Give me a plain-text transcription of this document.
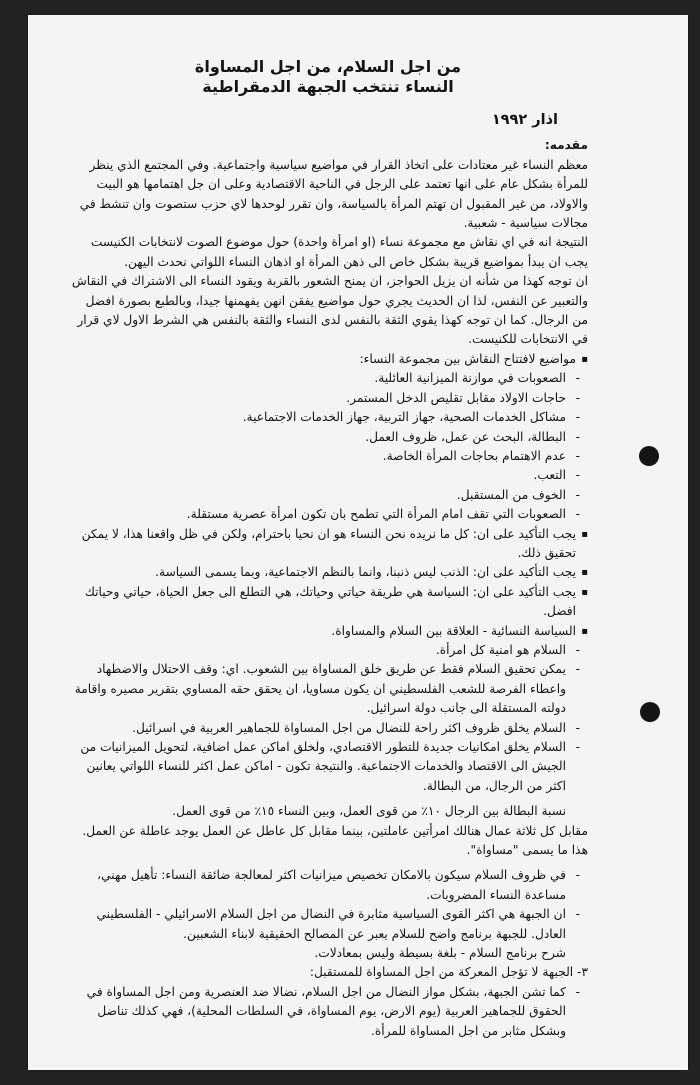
من اجل السلام، من اجل المساواة
النساء تنتخب الجبهة الدمقراطية
اذار ١٩٩٢
مقدمه:

معظم النساء غير معتادات على اتخاذ القرار في مواضيع سياسية واجتماعية. وفي المجتمع الذي ينظر للمرأة بشكل عام على انها تعتمد على الرجل في الناحية الاقتصادية وعلى ان جل اهتمامها هو البيت والاولاد، من غير المقبول ان تهتم المرأة بالسياسة، وان تقرر لوحدها لاي حزب ستصوت وان تنشط في مجالات سياسية - شعبية.

النتيجة انه في اي نقاش مع مجموعة نساء (او امرأة واحدة) حول موضوع الصوت لانتخابات الكنيست يجب ان يبدأ بمواضيع قريبة بشكل خاص الى ذهن المرأة او اذهان النساء اللواتي نحدث اليهن.

ان توجه كهذا من شأنه ان يزيل الحواجز، ان يمنح الشعور بالقربة ويقود النساء الى الاشتراك في النقاش والتعبير عن النفس، لذا ان الحديث يجري حول مواضيع يفقن انهن يفهمنها جيدا، وبالطبع بصورة افضل من الرجال. كما ان توجه كهذا يقوي الثقة بالنفس لدى النساء والثقة بالنفس هي الشرط الاول لاي قرار في الانتخابات للكنيست.

▪ مواضيع لافتتاح النقاش بين مجموعة النساء:
- الصعوبات في موازنة الميزانية العائلية.
- حاجات الاولاد مقابل تقليص الدخل المستمر.
- مشاكل الخدمات الصحية، جهاز التربية، جهاز الخدمات الاجتماعية.
- البطالة، البحث عن عمل، ظروف العمل.
- عدم الاهتمام بحاجات المرأة الخاصة.
- التعب.
- الخوف من المستقبل.
- الصعوبات التي تقف امام المرأة التي تطمح بان تكون امرأة عصرية مستقلة.
▪ يجب التأكيد على ان: كل ما نريده نحن النساء هو ان نحيا باحترام، ولكن في ظل واقعنا هذا، لا يمكن تحقيق ذلك.
▪ يجب التأكيد على ان: الذنب ليس ذنبنا، وانما بالنظم الاجتماعية، وبما يسمى السياسة.
▪ يجب التأكيد على ان: السياسة هي طريقة حياتي وحياتك، هي التطلع الى جعل الحياة، حياتي وحياتك افضل.
▪ السياسة النسائية - العلاقة بين السلام والمساواة.
- السلام هو امنية كل امرأة.
- يمكن تحقيق السلام فقط عن طريق خلق المساواة بين الشعوب. اي: وقف الاحتلال والاضطهاد واعطاء الفرصة للشعب الفلسطيني ان يكون مساويا، ان يحقق حقه المساوي بتقرير مصيره واقامة دولته المستقلة الى جانب دولة اسرائيل.
- السلام يخلق ظروف اكثر راحة للنضال من اجل المساواة للجماهير العربية في اسرائيل.
- السلام يخلق امكانيات جديدة للتطور الاقتصادي، ولخلق اماكن عمل اضافية، لتحويل الميزانيات من الجيش الى الاقتصاد والخدمات الاجتماعية. والنتيجة تكون - اماكن عمل اكثر للنساء اللواتي يعانين اكثر من الرجال، من البطالة.

نسبة البطالة بين الرجال ١٠٪ من قوى العمل، وبين النساء ١٥٪ من قوى العمل.

مقابل كل ثلاثة عمال هنالك امرأتين عاملتين، بينما مقابل كل عاطل عن العمل يوجد عاطلة عن العمل. هذا ما يسمى "مساواة".

- في ظروف السلام سيكون بالامكان تخصيص ميزانيات اكثر لمعالجة ضائقة النساء: تأهيل مهني، مساعدة النساء المضروبات.
- ان الجبهة هي اكثر القوى السياسية مثابرة في النضال من اجل السلام الاسرائيلي - الفلسطيني العادل. للجبهة برنامج واضح للسلام يعبر عن المصالح الحقيقية لابناء الشعبين.

شرح برنامج السلام - بلغة بسيطة وليس بمعادلات.

٣- الجبهة لا تؤجل المعركة من اجل المساواة للمستقبل:
- كما تشن الجبهة، بشكل مواز النضال من اجل السلام، نضالا ضد العنصرية ومن اجل المساواة في الحقوق للجماهير العربية (يوم الارض، يوم المساواة، في السلطات المحلية)، فهي كذلك تناضل وبشكل مثابر من اجل المساواة للمرأة.
